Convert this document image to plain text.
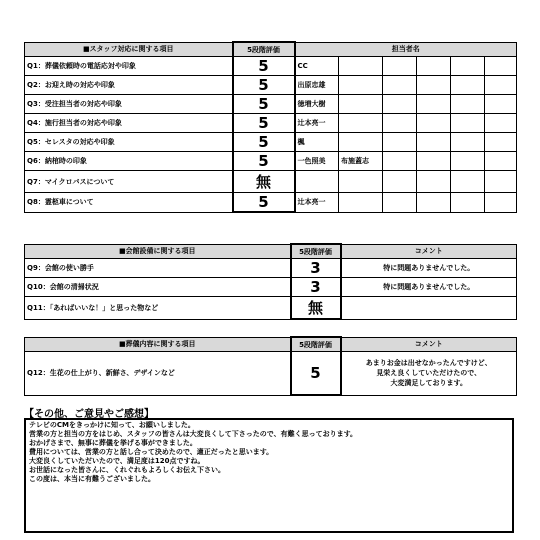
■スタッフ対応に関する項目	5段階評価	担当者名					
Q1：葬儀依頼時の電話応対や印象	5	CC					
Q2：お迎え時の対応や印象	5	出原忠雄					
Q3：受注担当者の対応や印象	5	徳増大樹					
Q4：施行担当者の対応や印象	5	辻本亮一					
Q5：セレスタの対応や印象	5	楓					
Q6：納棺時の印象	5	一色照美	布施蓋志				
Q7：マイクロバスについて	無						
Q8：霊柩車について	5	辻本亮一					
■会館設備に関する項目	5段階評価	コメント
Q9：会館の使い勝手	3	特に問題ありませんでした。
Q10：会館の清掃状況	3	特に問題ありませんでした。
Q11：「あればいいな！」と思った物など	無	
■葬儀内容に関する項目	5段階評価	コメント
Q12：生花の仕上がり、新鮮さ、デザインなど	5	あまりお金は出せなかったんですけど、
見栄え良くしていただけたので、
大変満足しております。
【その他、ご意見やご感想】
テレビのCMをきっかけに知って、お願いしました。
営業の方と担当の方をはじめ、スタッフの皆さんは大変良くして下さったので、有難く思っております。
おかげさまで、無事に葬儀を挙げる事ができました。
費用については、営業の方と話し合って決めたので、適正だったと思います。
大変良くしていただいたので、満足度は120点ですね。
お世話になった皆さんに、くれぐれもよろしくお伝え下さい。
この度は、本当に有難うございました。
